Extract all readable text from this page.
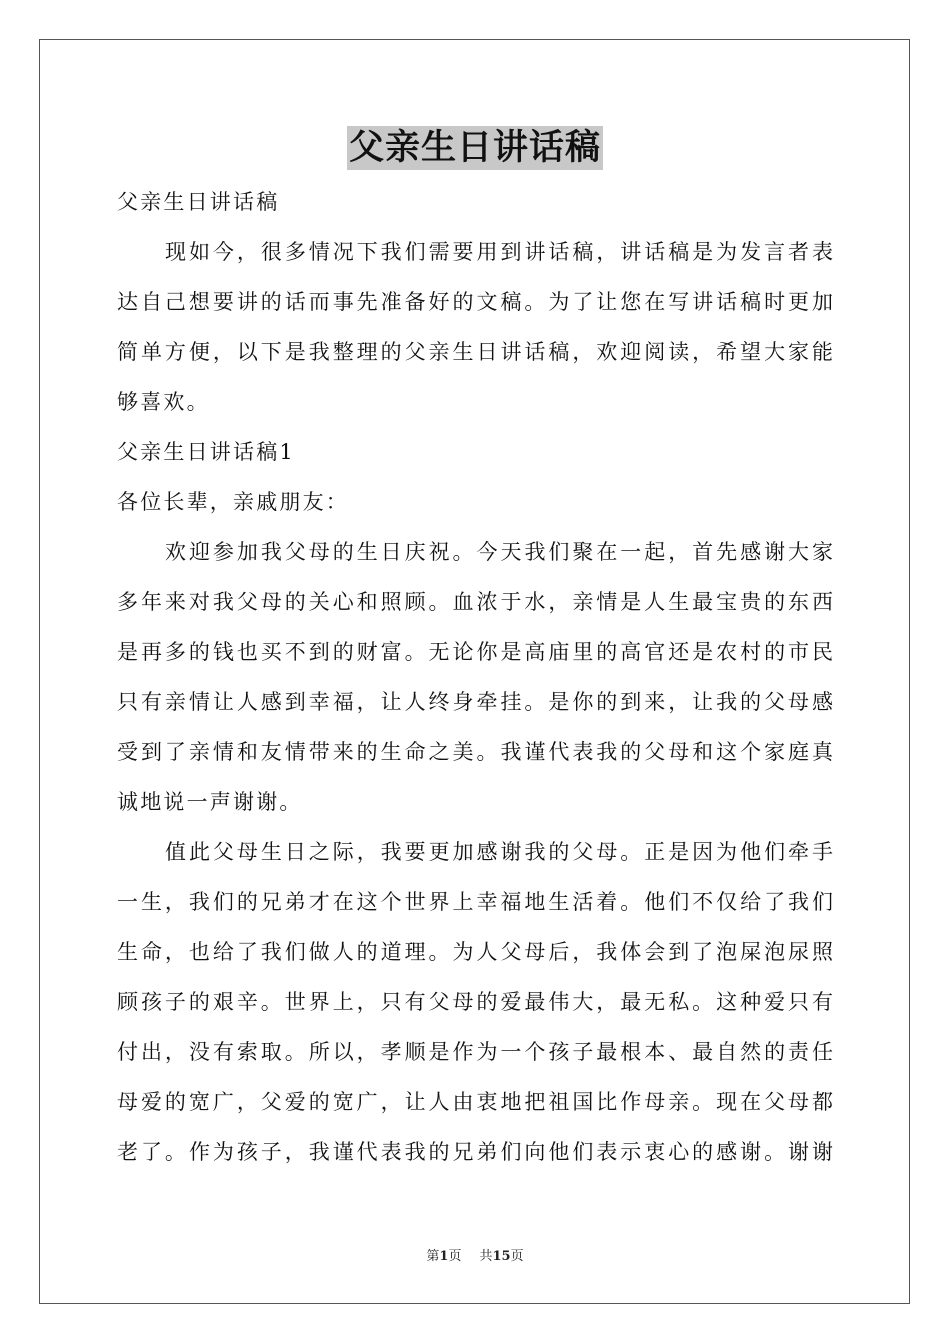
父亲生日讲话稿
父亲生日讲话稿
现如今，很多情况下我们需要用到讲话稿，讲话稿是为发言者表
达自己想要讲的话而事先准备好的文稿。为了让您在写讲话稿时更加
简单方便，以下是我整理的父亲生日讲话稿，欢迎阅读，希望大家能
够喜欢。
父亲生日讲话稿1
各位长辈，亲戚朋友：
欢迎参加我父母的生日庆祝。今天我们聚在一起，首先感谢大家
多年来对我父母的关心和照顾。血浓于水，亲情是人生最宝贵的东西
是再多的钱也买不到的财富。无论你是高庙里的高官还是农村的市民
只有亲情让人感到幸福，让人终身牵挂。是你的到来，让我的父母感
受到了亲情和友情带来的生命之美。我谨代表我的父母和这个家庭真
诚地说一声谢谢。
值此父母生日之际，我要更加感谢我的父母。正是因为他们牵手
一生，我们的兄弟才在这个世界上幸福地生活着。他们不仅给了我们
生命，也给了我们做人的道理。为人父母后，我体会到了泡屎泡尿照
顾孩子的艰辛。世界上，只有父母的爱最伟大，最无私。这种爱只有
付出，没有索取。所以，孝顺是作为一个孩子最根本、最自然的责任
母爱的宽广，父爱的宽广，让人由衷地把祖国比作母亲。现在父母都
老了。作为孩子，我谨代表我的兄弟们向他们表示衷心的感谢。谢谢
第1页 共15页
